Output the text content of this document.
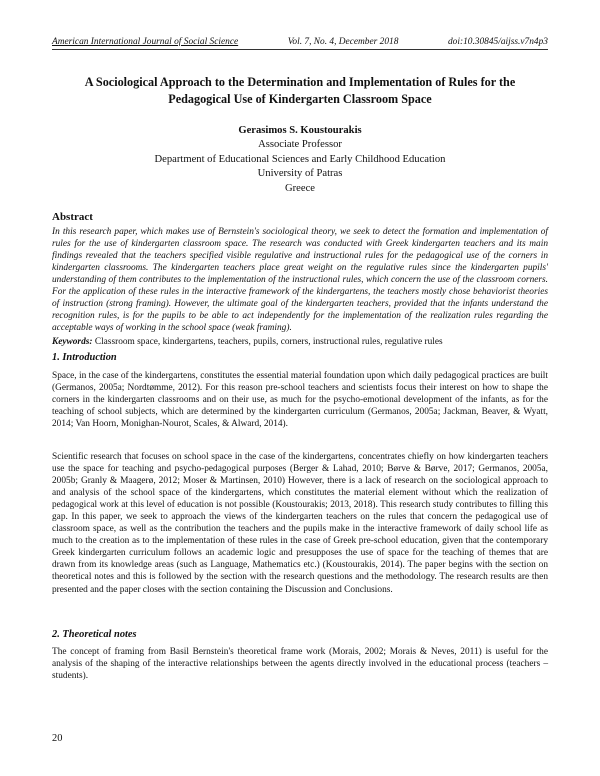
American International Journal of Social Science	Vol. 7, No. 4, December 2018	doi:10.30845/aijss.v7n4p3
A Sociological Approach to the Determination and Implementation of Rules for the
Pedagogical Use of Kindergarten Classroom Space
Gerasimos S. Koustourakis
Associate Professor
Department of Educational Sciences and Early Childhood Education
University of Patras
Greece
Abstract
In this research paper, which makes use of Bernstein's sociological theory, we seek to detect the formation and implementation of rules for the use of kindergarten classroom space. The research was conducted with Greek kindergarten teachers and its main findings revealed that the teachers specified visible regulative and instructional rules for the pedagogical use of the corners in kindergarten classrooms. The kindergarten teachers place great weight on the regulative rules since the kindergarten pupils' understanding of them contributes to the implementation of the instructional rules, which concern the use of the classroom corners. For the application of these rules in the interactive framework of the kindergartens, the teachers mostly chose behaviorist theories of instruction (strong framing). However, the ultimate goal of the kindergarten teachers, provided that the infants understand the recognition rules, is for the pupils to be able to act independently for the implementation of the realization rules regarding the acceptable ways of working in the school space (weak framing).
Keywords: Classroom space, kindergartens, teachers, pupils, corners, instructional rules, regulative rules
1. Introduction
Space, in the case of the kindergartens, constitutes the essential material foundation upon which daily pedagogical practices are built (Germanos, 2005a; Nordtømme, 2012). For this reason pre-school teachers and scientists focus their interest on how to shape the corners in the kindergarten classrooms and on their use, as much for the psycho-emotional development of the infants, as for the teaching of school subjects, which are determined by the kindergarten curriculum (Germanos, 2005a; Jackman, Beaver, & Wyatt, 2014; Van Hoorn, Monighan-Nourot, Scales, & Alward, 2014).
Scientific research that focuses on school space in the case of the kindergartens, concentrates chiefly on how kindergarten teachers use the space for teaching and psycho-pedagogical purposes (Berger & Lahad, 2010; Børve & Børve, 2017; Germanos, 2005a, 2005b; Granly & Maagerø, 2012; Moser & Martinsen, 2010) However, there is a lack of research on the sociological approach to and analysis of the school space of the kindergartens, which constitutes the material element without which the realization of pedagogical work at this level of education is not possible (Koustourakis; 2013, 2018). This research study contributes to filling this gap. In this paper, we seek to approach the views of the kindergarten teachers on the rules that concern the pedagogical use of classroom space, as well as the contribution the teachers and the pupils make in the interactive framework of daily school life as much to the creation as to the implementation of these rules in the case of Greek pre-school education, given that the contemporary Greek kindergarten curriculum follows an academic logic and presupposes the use of space for the teaching of themes that are drawn from its knowledge areas (such as Language, Mathematics etc.) (Koustourakis, 2014). The paper begins with the section on theoretical notes and this is followed by the section with the research questions and the methodology. The research results are then presented and the paper closes with the section containing the Discussion and Conclusions.
2. Theoretical notes
The concept of framing from Basil Bernstein's theoretical frame work (Morais, 2002; Morais & Neves, 2011) is useful for the analysis of the shaping of the interactive relationships between the agents directly involved in the educational process (teachers – students).
20
